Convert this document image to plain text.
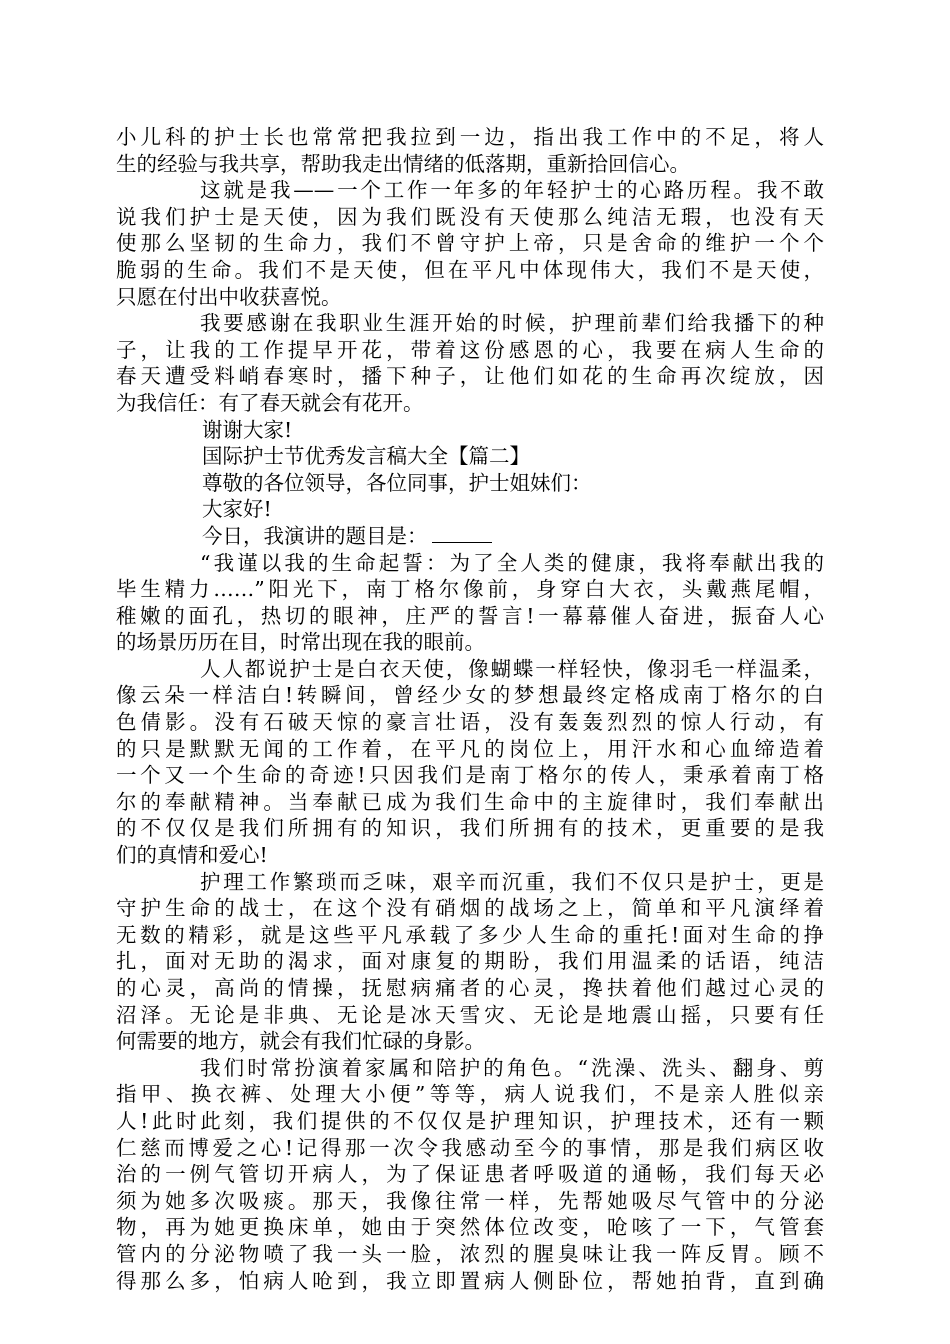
小儿科的护士长也常常把我拉到一边，指出我工作中的不足，将人
生的经验与我共享，帮助我走出情绪的低落期，重新拾回信心。
这就是我——一个工作一年多的年轻护士的心路历程。我不敢
说我们护士是天使，因为我们既没有天使那么纯洁无瑕，也没有天
使那么坚韧的生命力，我们不曾守护上帝，只是舍命的维护一个个
脆弱的生命。我们不是天使，但在平凡中体现伟大，我们不是天使，
只愿在付出中收获喜悦。
我要感谢在我职业生涯开始的时候，护理前辈们给我播下的种
子，让我的工作提早开花，带着这份感恩的心，我要在病人生命的
春天遭受料峭春寒时，播下种子，让他们如花的生命再次绽放，因
为我信任：有了春天就会有花开。
谢谢大家!
国际护士节优秀发言稿大全【篇二】
尊敬的各位领导，各位同事，护士姐妹们：
大家好!
今日，我演讲的题目是：
“我谨以我的生命起誓：为了全人类的健康，我将奉献出我的
毕生精力……”阳光下，南丁格尔像前，身穿白大衣，头戴燕尾帽，
稚嫩的面孔，热切的眼神，庄严的誓言!一幕幕催人奋进，振奋人心
的场景历历在目，时常出现在我的眼前。
人人都说护士是白衣天使，像蝴蝶一样轻快，像羽毛一样温柔，
像云朵一样洁白!转瞬间，曾经少女的梦想最终定格成南丁格尔的白
色倩影。没有石破天惊的豪言壮语，没有轰轰烈烈的惊人行动，有
的只是默默无闻的工作着，在平凡的岗位上，用汗水和心血缔造着
一个又一个生命的奇迹!只因我们是南丁格尔的传人，秉承着南丁格
尔的奉献精神。当奉献已成为我们生命中的主旋律时，我们奉献出
的不仅仅是我们所拥有的知识，我们所拥有的技术，更重要的是我
们的真情和爱心!
护理工作繁琐而乏味，艰辛而沉重，我们不仅只是护士，更是
守护生命的战士，在这个没有硝烟的战场之上，简单和平凡演绎着
无数的精彩，就是这些平凡承载了多少人生命的重托!面对生命的挣
扎，面对无助的渴求，面对康复的期盼，我们用温柔的话语，纯洁
的心灵，高尚的情操，抚慰病痛者的心灵，搀扶着他们越过心灵的
沼泽。无论是非典、无论是冰天雪灾、无论是地震山摇，只要有任
何需要的地方，就会有我们忙碌的身影。
我们时常扮演着家属和陪护的角色。“洗澡、洗头、翻身、剪
指甲、换衣裤、处理大小便”等等，病人说我们，不是亲人胜似亲
人!此时此刻，我们提供的不仅仅是护理知识，护理技术，还有一颗
仁慈而博爱之心!记得那一次令我感动至今的事情，那是我们病区收
治的一例气管切开病人，为了保证患者呼吸道的通畅，我们每天必
须为她多次吸痰。那天，我像往常一样，先帮她吸尽气管中的分泌
物，再为她更换床单，她由于突然体位改变，呛咳了一下，气管套
管内的分泌物喷了我一头一脸，浓烈的腥臭味让我一阵反胃。顾不
得那么多，怕病人呛到，我立即置病人侧卧位，帮她拍背，直到确
